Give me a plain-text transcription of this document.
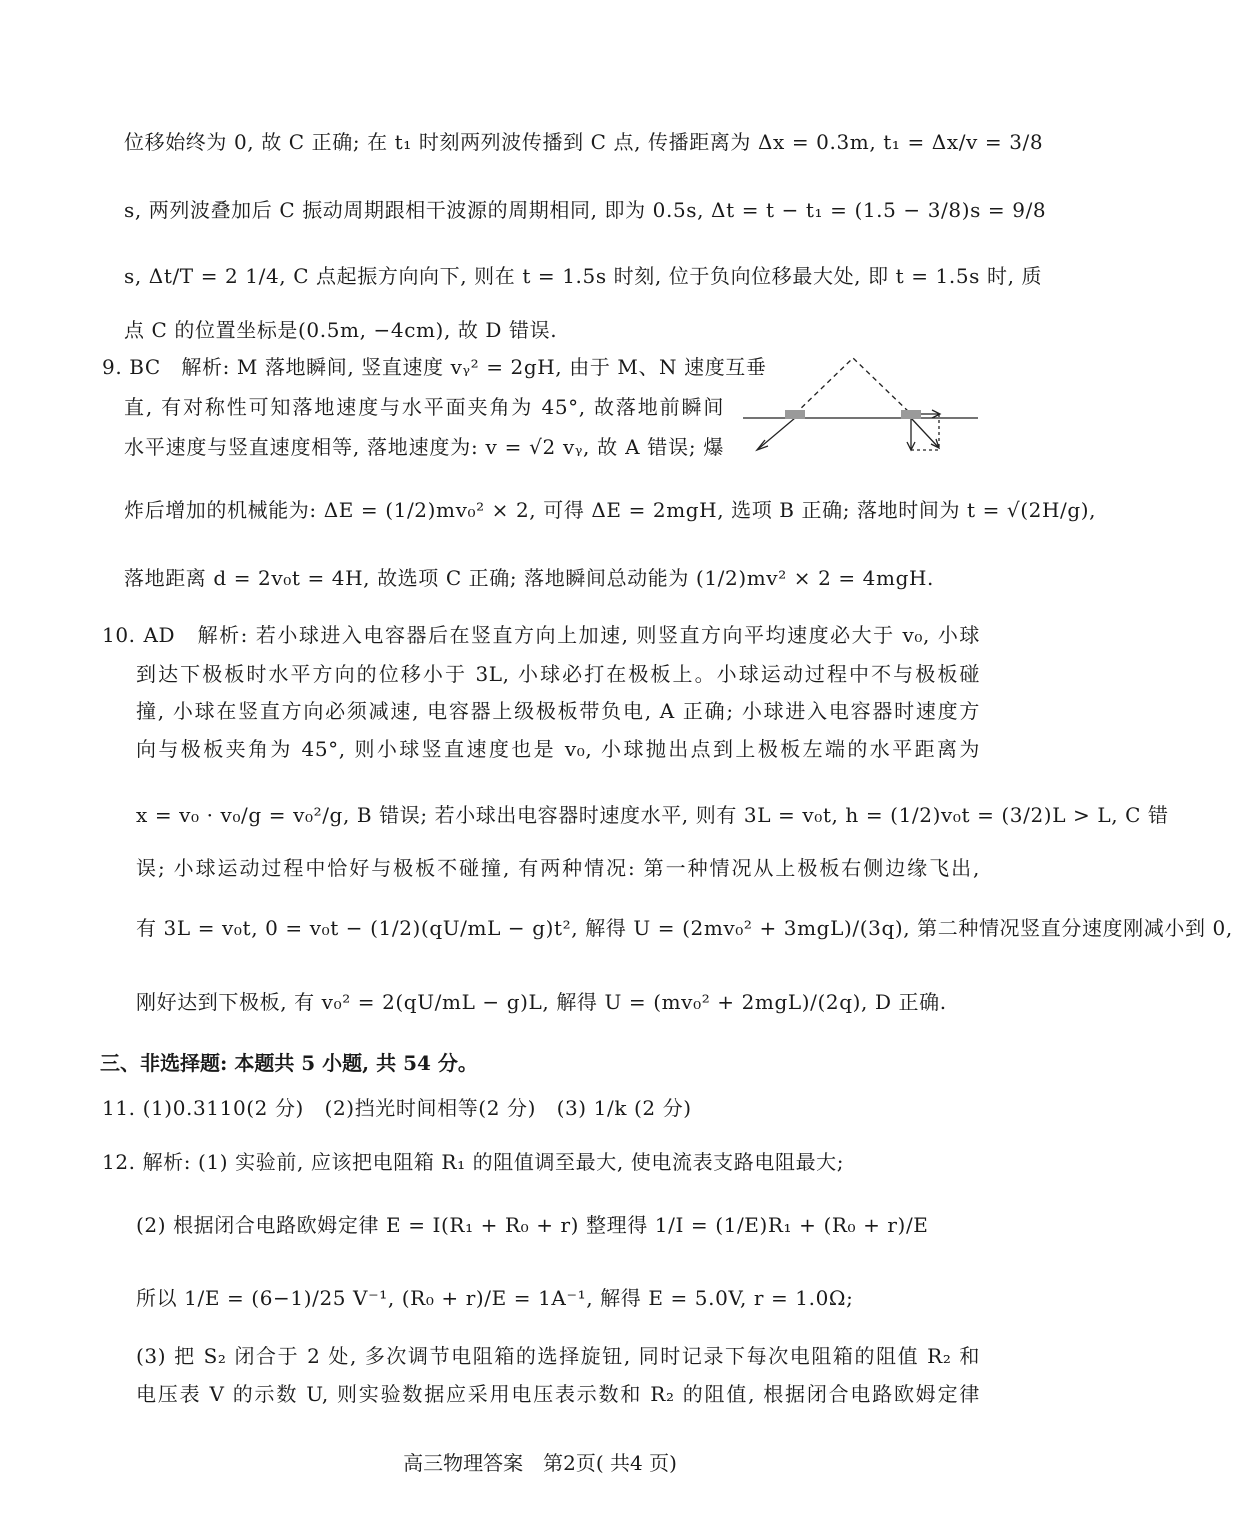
位移始终为 0, 故 C 正确; 在 t₁ 时刻两列波传播到 C 点, 传播距离为 Δx = 0.3m, t₁ = Δx/v = 3/8
s, 两列波叠加后 C 振动周期跟相干波源的周期相同, 即为 0.5s, Δt = t − t₁ = (1.5 − 3/8)s = 9/8
s, Δt/T = 2 1/4, C 点起振方向向下, 则在 t = 1.5s 时刻, 位于负向位移最大处, 即 t = 1.5s 时, 质
点 C 的位置坐标是(0.5m, −4cm), 故 D 错误.
9. BC　解析: M 落地瞬间, 竖直速度 vᵧ² = 2gH, 由于 M、N 速度互垂
直, 有对称性可知落地速度与水平面夹角为 45°, 故落地前瞬间
水平速度与竖直速度相等, 落地速度为: v = √2 vᵧ, 故 A 错误; 爆
炸后增加的机械能为: ΔE = (1/2)mv₀² × 2, 可得 ΔE = 2mgH, 选项 B 正确; 落地时间为 t = √(2H/g),
落地距离 d = 2v₀t = 4H, 故选项 C 正确; 落地瞬间总动能为 (1/2)mv² × 2 = 4mgH.
10. AD　解析: 若小球进入电容器后在竖直方向上加速, 则竖直方向平均速度必大于 v₀, 小球
到达下极板时水平方向的位移小于 3L, 小球必打在极板上。小球运动过程中不与极板碰
撞, 小球在竖直方向必须减速, 电容器上级极板带负电, A 正确; 小球进入电容器时速度方
向与极板夹角为 45°, 则小球竖直速度也是 v₀, 小球抛出点到上极板左端的水平距离为
x = v₀ · v₀/g = v₀²/g, B 错误; 若小球出电容器时速度水平, 则有 3L = v₀t, h = (1/2)v₀t = (3/2)L > L, C 错
误; 小球运动过程中恰好与极板不碰撞, 有两种情况: 第一种情况从上极板右侧边缘飞出,
有 3L = v₀t, 0 = v₀t − (1/2)(qU/mL − g)t², 解得 U = (2mv₀² + 3mgL)/(3q), 第二种情况竖直分速度刚减小到 0,
刚好达到下极板, 有 v₀² = 2(qU/mL − g)L, 解得 U = (mv₀² + 2mgL)/(2q), D 正确.
三、非选择题: 本题共 5 小题, 共 54 分。
11. (1)0.3110(2 分)　(2)挡光时间相等(2 分)　(3) 1/k (2 分)
12. 解析: (1) 实验前, 应该把电阻箱 R₁ 的阻值调至最大, 使电流表支路电阻最大;
(2) 根据闭合电路欧姆定律 E = I(R₁ + R₀ + r) 整理得 1/I = (1/E)R₁ + (R₀ + r)/E
所以 1/E = (6−1)/25 V⁻¹, (R₀ + r)/E = 1A⁻¹, 解得 E = 5.0V, r = 1.0Ω;
(3) 把 S₂ 闭合于 2 处, 多次调节电阻箱的选择旋钮, 同时记录下每次电阻箱的阻值 R₂ 和
电压表 V 的示数 U, 则实验数据应采用电压表示数和 R₂ 的阻值, 根据闭合电路欧姆定律
高三物理答案　第2页( 共4 页)
